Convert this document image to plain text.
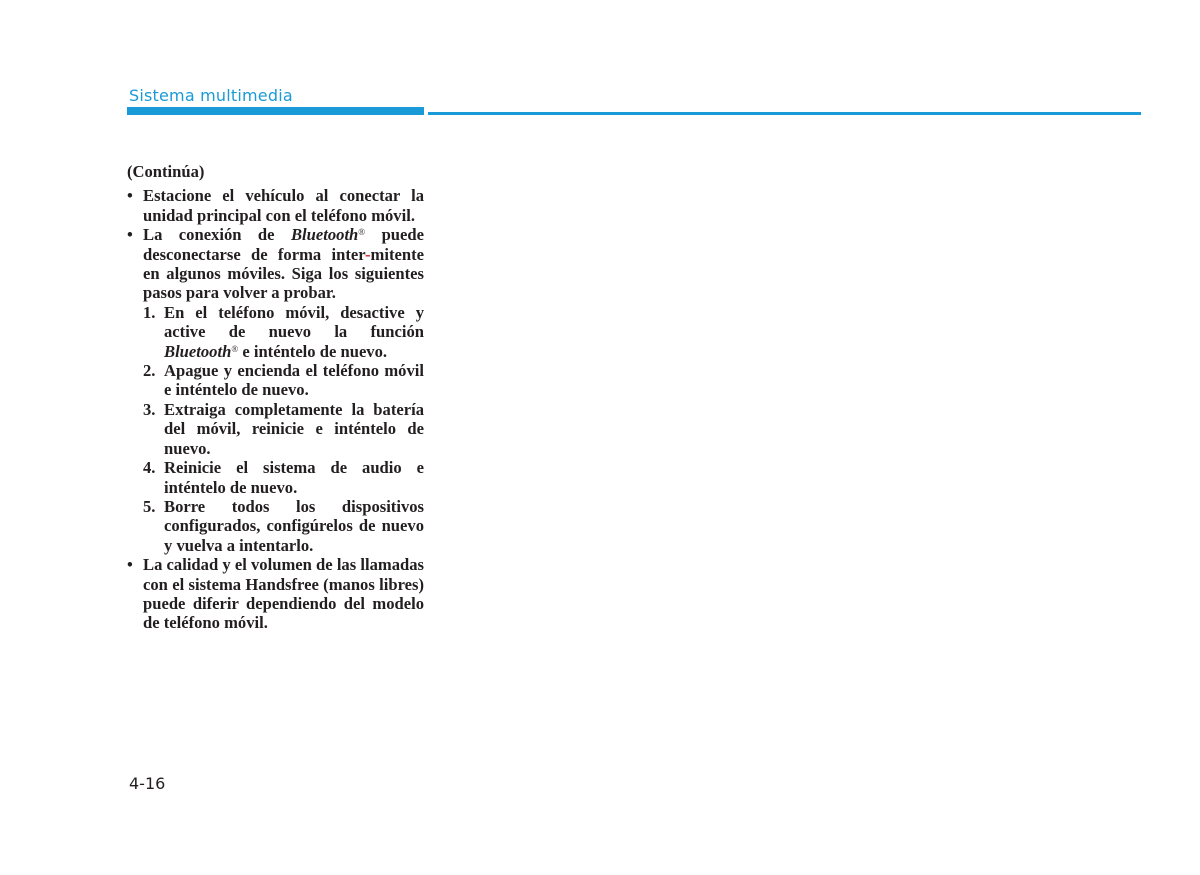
Sistema multimedia

(Continúa)

• Estacione el vehículo al conectar la unidad principal con el teléfono móvil.

• La conexión de Bluetooth® puede desconectarse de forma inter-mitente en algunos móviles. Siga los siguientes pasos para volver a probar.

1. En el teléfono móvil, desactive y active de nuevo la función Bluetooth® e inténtelo de nuevo.

2. Apague y encienda el teléfono móvil e inténtelo de nuevo.

3. Extraiga completamente la batería del móvil, reinicie e inténtelo de nuevo.

4. Reinicie el sistema de audio e inténtelo de nuevo.

5. Borre todos los dispositivos configurados, configúrelos de nuevo y vuelva a intentarlo.

• La calidad y el volumen de las llamadas con el sistema Handsfree (manos libres) puede diferir dependiendo del modelo de teléfono móvil.

4-16
